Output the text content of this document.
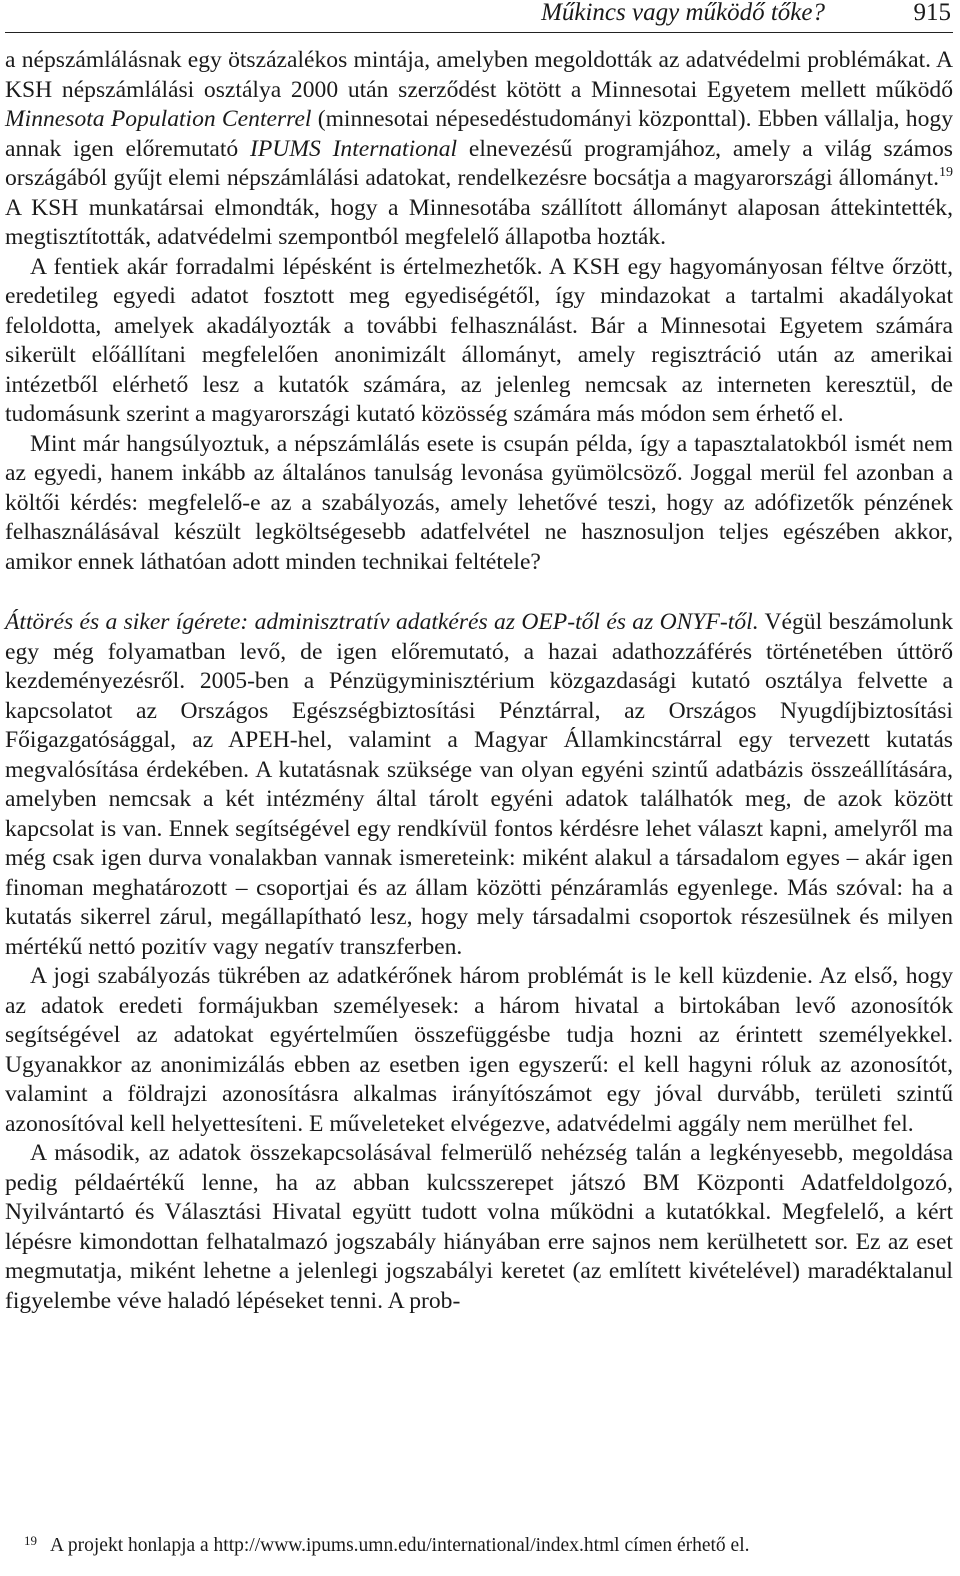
Műkincs vagy működő tőke?	915

a népszámlálásnak egy ötszázalékos mintája, amelyben megoldották az adatvédelmi problémákat. A KSH népszámlálási osztálya 2000 után szerződést kötött a Minnesotai Egyetem mellett működő Minnesota Population Centerrel (minnesotai népesedéstudományi központtal). Ebben vállalja, hogy annak igen előremutató IPUMS International elnevezésű programjához, amely a világ számos országából gyűjt elemi népszámlálási adatokat, rendelkezésre bocsátja a magyarországi állományt.$^{19}$ A KSH munkatársai elmondták, hogy a Minnesotába szállított állományt alaposan áttekintették, megtisztították, adatvédelmi szempontból megfelelő állapotba hozták.

A fentiek akár forradalmi lépésként is értelmezhetők. A KSH egy hagyományosan féltve őrzött, eredetileg egyedi adatot fosztott meg egyediségétől, így mindazokat a tartalmi akadályokat feloldotta, amelyek akadályozták a további felhasználást. Bár a Minnesotai Egyetem számára sikerült előállítani megfelelően anonimizált állományt, amely regisztráció után az amerikai intézetből elérhető lesz a kutatók számára, az jelenleg nemcsak az interneten keresztül, de tudomásunk szerint a magyarországi kutató közösség számára más módon sem érhető el.

Mint már hangsúlyoztuk, a népszámlálás esete is csupán példa, így a tapasztalatokból ismét nem az egyedi, hanem inkább az általános tanulság levonása gyümölcsöző. Joggal merül fel azonban a költői kérdés: megfelelő-e az a szabályozás, amely lehetővé teszi, hogy az adófizetők pénzének felhasználásával készült legköltségesebb adatfelvétel ne hasznosuljon teljes egészében akkor, amikor ennek láthatóan adott minden technikai feltétele?

Áttörés és a siker ígérete: adminisztratív adatkérés az OEP-től és az ONYF-től. Végül beszámolunk egy még folyamatban levő, de igen előremutató, a hazai adathozzáférés történetében úttörő kezdeményezésről. 2005-ben a Pénzügyminisztérium közgazdasági kutató osztálya felvette a kapcsolatot az Országos Egészségbiztosítási Pénztárral, az Országos Nyugdíjbiztosítási Főigazgatósággal, az APEH-hel, valamint a Magyar Államkincstárral egy tervezett kutatás megvalósítása érdekében. A kutatásnak szüksége van olyan egyéni szintű adatbázis összeállítására, amelyben nemcsak a két intézmény által tárolt egyéni adatok találhatók meg, de azok között kapcsolat is van. Ennek segítségével egy rendkívül fontos kérdésre lehet választ kapni, amelyről ma még csak igen durva vonalakban vannak ismereteink: miként alakul a társadalom egyes – akár igen finoman meghatározott – csoportjai és az állam közötti pénzáramlás egyenlege. Más szóval: ha a kutatás sikerrel zárul, megállapítható lesz, hogy mely társadalmi csoportok részesülnek és milyen mértékű nettó pozitív vagy negatív transzferben.

A jogi szabályozás tükrében az adatkérőnek három problémát is le kell küzdenie. Az első, hogy az adatok eredeti formájukban személyesek: a három hivatal a birtokában levő azonosítók segítségével az adatokat egyértelműen összefüggésbe tudja hozni az érintett személyekkel. Ugyanakkor az anonimizálás ebben az esetben igen egyszerű: el kell hagyni róluk az azonosítót, valamint a földrajzi azonosításra alkalmas irányítószámot egy jóval durvább, területi szintű azonosítóval kell helyettesíteni. E műveleteket elvégezve, adatvédelmi aggály nem merülhet fel.

A második, az adatok összekapcsolásával felmerülő nehézség talán a legkényesebb, megoldása pedig példaértékű lenne, ha az abban kulcsszerepet játszó BM Központi Adatfeldolgozó, Nyilvántartó és Választási Hivatal együtt tudott volna működni a kutatókkal. Megfelelő, a kért lépésre kimondottan felhatalmazó jogszabály hiányában erre sajnos nem kerülhetett sor. Ez az eset megmutatja, miként lehetne a jelenlegi jogszabályi keretet (az említett kivételével) maradéktalanul figyelembe véve haladó lépéseket tenni. A prob-

19 A projekt honlapja a http://www.ipums.umn.edu/international/index.html címen érhető el.
